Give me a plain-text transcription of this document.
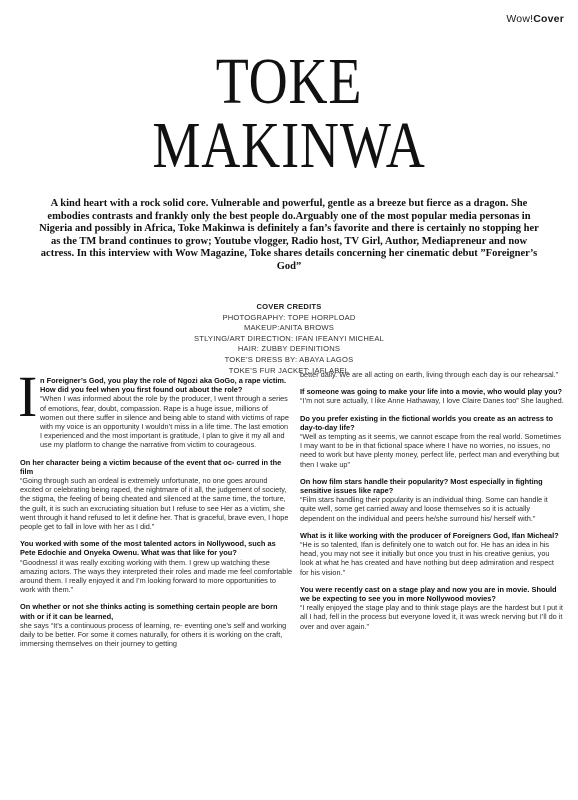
Wow!Cover
TOKE
MAKINWA

A kind heart with a rock solid core. Vulnerable and powerful, gentle as a breeze but fierce as a dragon. She embodies contrasts and frankly only the best people do.Arguably one of the most popular media personas in Nigeria and possibly in Africa, Toke Makinwa is definitely a fan’s favorite and there is certainly no stopping her as the TM brand continues to grow; Youtube vlogger, Radio host, TV Girl, Author, Mediapreneur and now actress. In this interview with Wow Magazine, Toke shares details concerning her cinematic debut ”Foreigner’s God”

COVER CREDITS
PHOTOGRAPHY: TOPE HORPLOAD
MAKEUP:ANITA BROWS
STLYING/ART DIRECTION: IFAN IFEANYI MICHEAL
HAIR: ZUBBY DEFINITIONS
TOKE’S DRESS BY: ABAYA LAGOS
TOKE’S FUR JACKET: IAFLABEL
I n Foreigner’s God, you play the role of Ngozi aka GoGo, a rape victim. How did you feel when you first found out about the role?

“When I was informed about the role by the producer, I went through a series of emotions, fear, doubt, compassion. Rape is a huge issue, millions of women out there suffer in silence and being able to stand with victims of rape with my voice is an opportunity I wouldn’t miss in a life time. The last emotion I experienced and the most important is gratitude, I plan to give it my all and use my platform to change the narrative from victim to courageous.

On her character being a victim because of the event that oc- curred in the film

“Going through such an ordeal is extremely unfortunate, no one goes around excited or celebrating being raped, the nightmare of it all, the judgement of society, the stigma, the feeling of being cheated and silenced at the same time, the torture, the guilt, it is such an excruciating situation but I refuse to see Her as a victim, she went through it hand refused to let it define her. That is graceful, brave even, I hope people get to fall in love with her as I did.”

You worked with some of the most talented actors in Nollywood, such as Pete Edochie and Onyeka Owenu. What was that like for you?

“Goodness! it was really exciting working with them. I grew up watching these amazing actors. The ways they interpreted their roles and made me feel comfortable around them. I really enjoyed it and I’m looking forward to more opportunities to work with them.”

On whether or not she thinks acting is something certain people are born with or if it can be learned,

she says “It’s a continuous process of learning, re- eventing one’s self and working daily to be better. For some it comes naturally, for others it is working on the craft, immersing themselves on their journey to getting

better daily. We are all acting on earth, living through each day is our rehearsal.”

If someone was going to make your life into a movie, who would play you?

“I’m not sure actually, I like Anne Hathaway, I love Claire Danes too” She laughed.

Do you prefer existing in the fictional worlds you create as an actress to day-to-day life?

“Well as tempting as it seems, we cannot escape from the real world. Sometimes I may want to be in that fictional space where I have no worries, no issues, no need to work but have plenty money, perfect life, perfect man and everything but then I wake up”

On how film stars handle their popularity? Most especially in fighting sensitive issues like rape?

“Film stars handling their popularity is an individual thing. Some can handle it quite well, some get carried away and loose themselves so it is actually dependent on the individual and peers he/she surround his/ herself with.”

What is it like working with the producer of Foreigners God, Ifan Micheal?

“He is so talented, Ifan is definitely one to watch out for. He has an idea in his head, you may not see it initially but once you trust in his creative genius, you look at what he has created and have nothing but deep admiration and respect for his vision.”

You were recently cast on a stage play and now you are in movie. Should we be expecting to see you in more Nollywood movies?

“I really enjoyed the stage play and to think stage plays are the hardest but I put it all I had, fell in the process but everyone loved it, it was wreck nerving but I’ll do it over and over again.”
